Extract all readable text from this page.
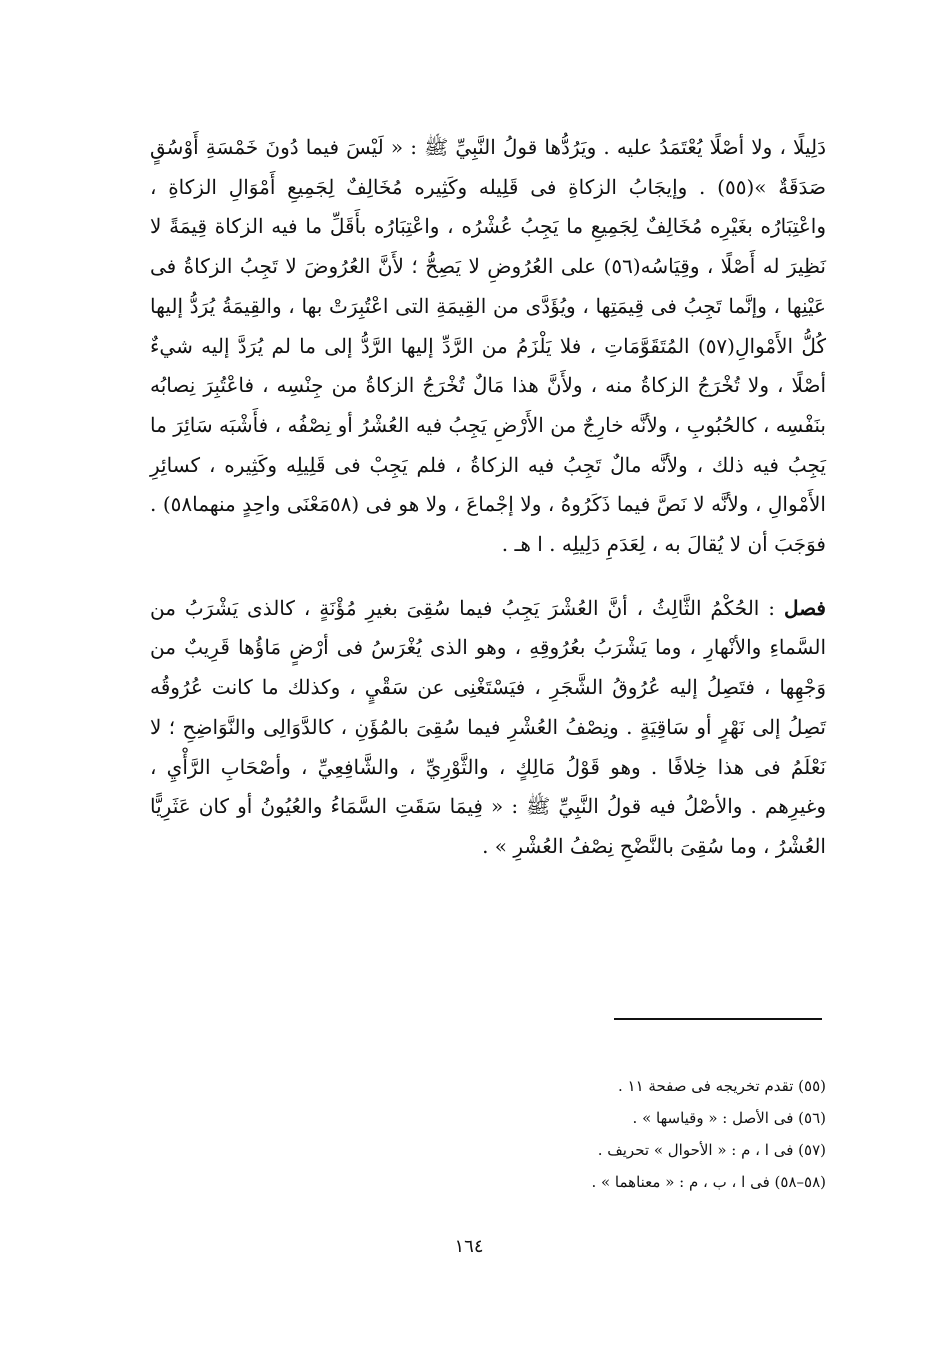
دَلِيلًا ، ولا أصْلًا يُعْتَمَدُ عليه . ويَرُدُّها قولُ النَّبِيِّ ﷺ : « لَيْسَ فيما دُونَ خَمْسَةِ أَوْسُقٍ صَدَقَةٌ »(٥٥) . وإيجَابُ الزكاةِ فى قَلِيله وكَثِيره مُخَالِفٌ لِجَمِيعِ أَمْوَالِ الزكاةِ ، واعْتِبَارُه بغَيْرِه مُخَالِفٌ لِجَمِيعِ ما يَجِبُ عُشْرُه ، واعْتِبَارُه بأَقَلِّ ما فيه الزكاة قِيمَةً لا نَظِيرَ له أَصْلًا ، وقِيَاسُه(٥٦) على العُرُوضِ لا يَصِحُّ ؛ لأَنَّ العُرُوضَ لا تَجِبُ الزكاةُ فى عَيْنِها ، وإنَّما تَجِبُ فى قِيمَتِها ، ويُؤَدَّى من القِيمَةِ التى اعْتُبِرَتْ بها ، والقِيمَةُ يُرَدُّ إليها كُلُّ الأَمْوالِ(٥٧) المُتَقَوَّمَاتِ ، فلا يَلْزَمُ من الرَّدِّ إليها الرَّدُّ إلى ما لم يُرَدَّ إليه شيءٌ أصْلًا ، ولا تُخْرَجُ الزكاةُ منه ، ولأَنَّ هذا مَالٌ تُخْرَجُ الزكاةُ من جِنْسِه ، فاعْتُبِرَ نِصابُه بنَفْسِه ، كالحُبُوبِ ، ولأنَّه خارِجٌ من الأَرْضِ يَجِبُ فيه العُشْرُ أو نِصْفُه ، فأَشْبَه سَائِرَ ما يَجِبُ فيه ذلك ، ولأنَّه مالٌ تَجِبُ فيه الزكاةُ ، فلم يَجِبْ فى قَلِيلِه وكَثِيره ، كسائِرِ الأَمْوالِ ، ولأنَّه لا نَصَّ فيما ذَكَرُوهُ ، ولا إجْماعَ ، ولا هو فى (٥٨مَعْنَى واحِدٍ منهما٥٨) . فوَجَبَ أن لا يُقالَ به ، لِعَدَمِ دَلِيلِه . ا هـ .

فصل : الحُكْمُ الثَّالِثُ ، أنَّ العُشْرَ يَجِبُ فيما سُقِىَ بغيرِ مُؤْنَةٍ ، كالذى يَشْرَبُ من السَّماءِ والأنْهارِ ، وما يَشْرَبُ بعُرُوقِهِ ، وهو الذى يُغْرَسُ فى أرْضٍ مَاؤُها قَرِيبٌ من وَجْهِها ، فتَصِلُ إليه عُرُوقُ الشَّجَرِ ، فيَسْتَغْنِى عن سَقْيٍ ، وكذلك ما كانت عُرُوقُه تَصِلُ إلى نَهْرٍ أو سَاقِيَةٍ . ونِصْفُ العُشْرِ فيما سُقِىَ بالمُؤَنِ ، كالدَّوَالِى والنَّوَاضِحِ ؛ لا نَعْلَمُ فى هذا خِلافًا . وهو قَوْلُ مَالِكٍ ، والثَّوْرِيِّ ، والشَّافِعِيِّ ، وأصْحَابِ الرَّأْيِ ، وغيرِهم . والأصْلُ فيه قولُ النَّبِيِّ ﷺ : « فِيمَا سَقَتِ السَّمَاءُ والعُيُونُ أو كان عَثَرِيًّا العُشْرُ ، وما سُقِىَ بالنَّضْحِ نِصْفُ العُشْرِ » .

(٥٥) تقدم تخريجه فى صفحة ١١ .

(٥٦) فى الأصل : « وقياسها » .

(٥٧) فى ا ، م : « الأحوال » تحريف .

(٥٨–٥٨) فى ا ، ب ، م : « معناهما » .

١٦٤
